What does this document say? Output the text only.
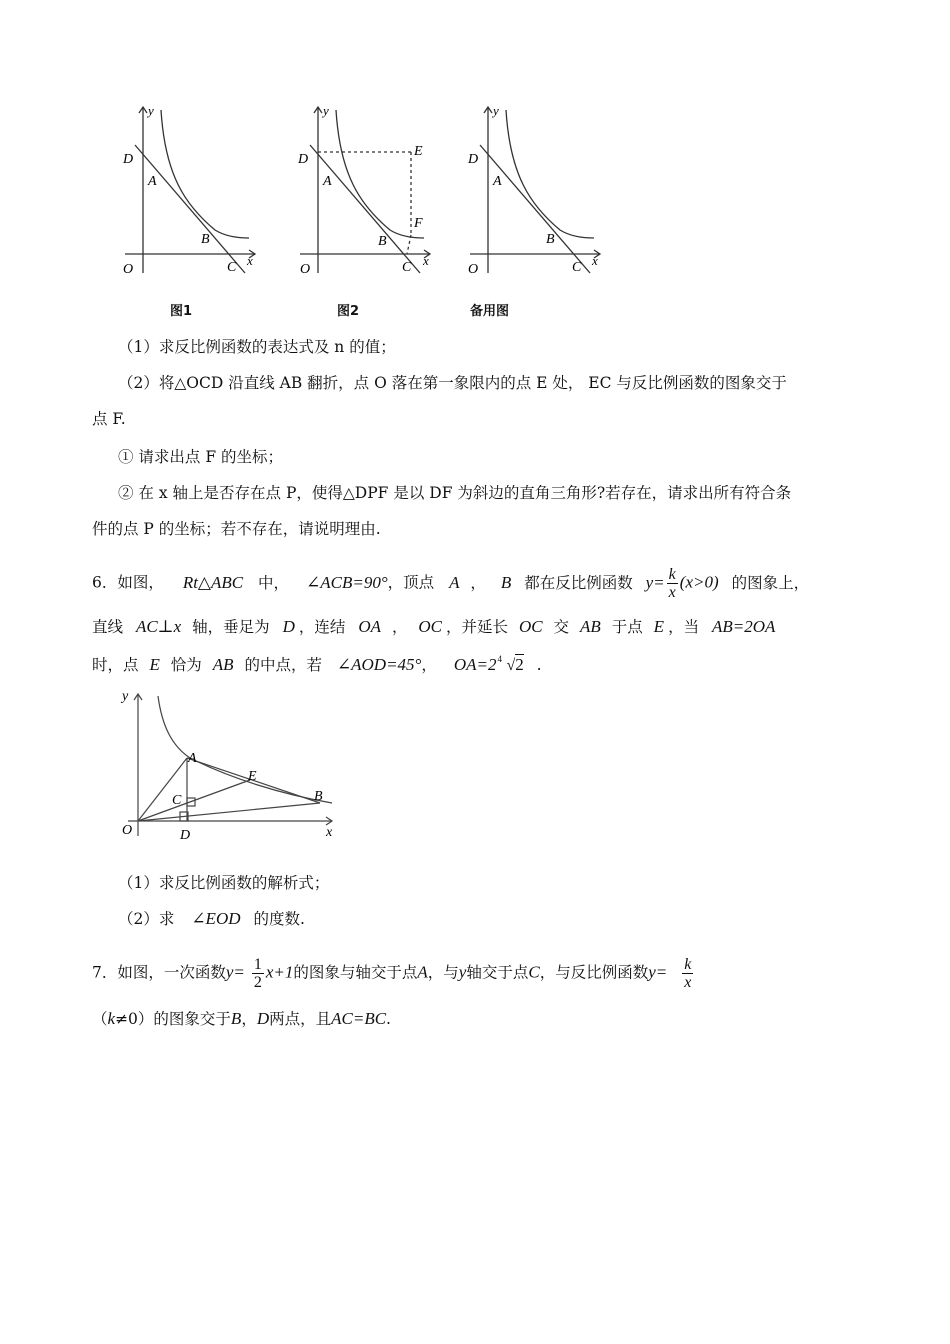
y
D
A
B
O	C x
图1
y
D
E
A
F
B
O	C x
图2
y
D
A
B
O	C x
备用图
（1）求反比例函数的表达式及 n 的值；
（2）将△OCD 沿直线 AB 翻折，点 O 落在第一象限内的点 E 处， EC 与反比例函数的图象交于
点 F.
① 请求出点 F 的坐标；
② 在 x 轴上是否存在点 P，使得△DPF 是以 DF 为斜边的直角三角形?若存在，请求出所有符合条
件的点 P 的坐标；若不存在，请说明理由.
6．如图， Rt△ABC 中， ∠ACB=90°，顶点 A ， B 都在反比例函数 $y= \frac{k}{x} (x>0)$ 的图象上，
直线 AC⊥x 轴，垂足为 D ，连结 OA ， OC ，并延长 OC 交 AB 于点 E ，当 AB=2OA
时，点 E 恰为 AB 的中点，若 ∠AOD=45°， OA=2 4 √2 .
y
A
E
C	B
O	D	x
（1）求反比例函数的解析式；
（2）求 ∠EOD 的度数.
7．如图，一次函数$y= \frac{1}{2} x+1$的图象与轴交于点A，与y轴交于点C，与反比例函数$y= \frac{k}{x}$
（k≠0）的图象交于B，D两点，且AC=BC.
